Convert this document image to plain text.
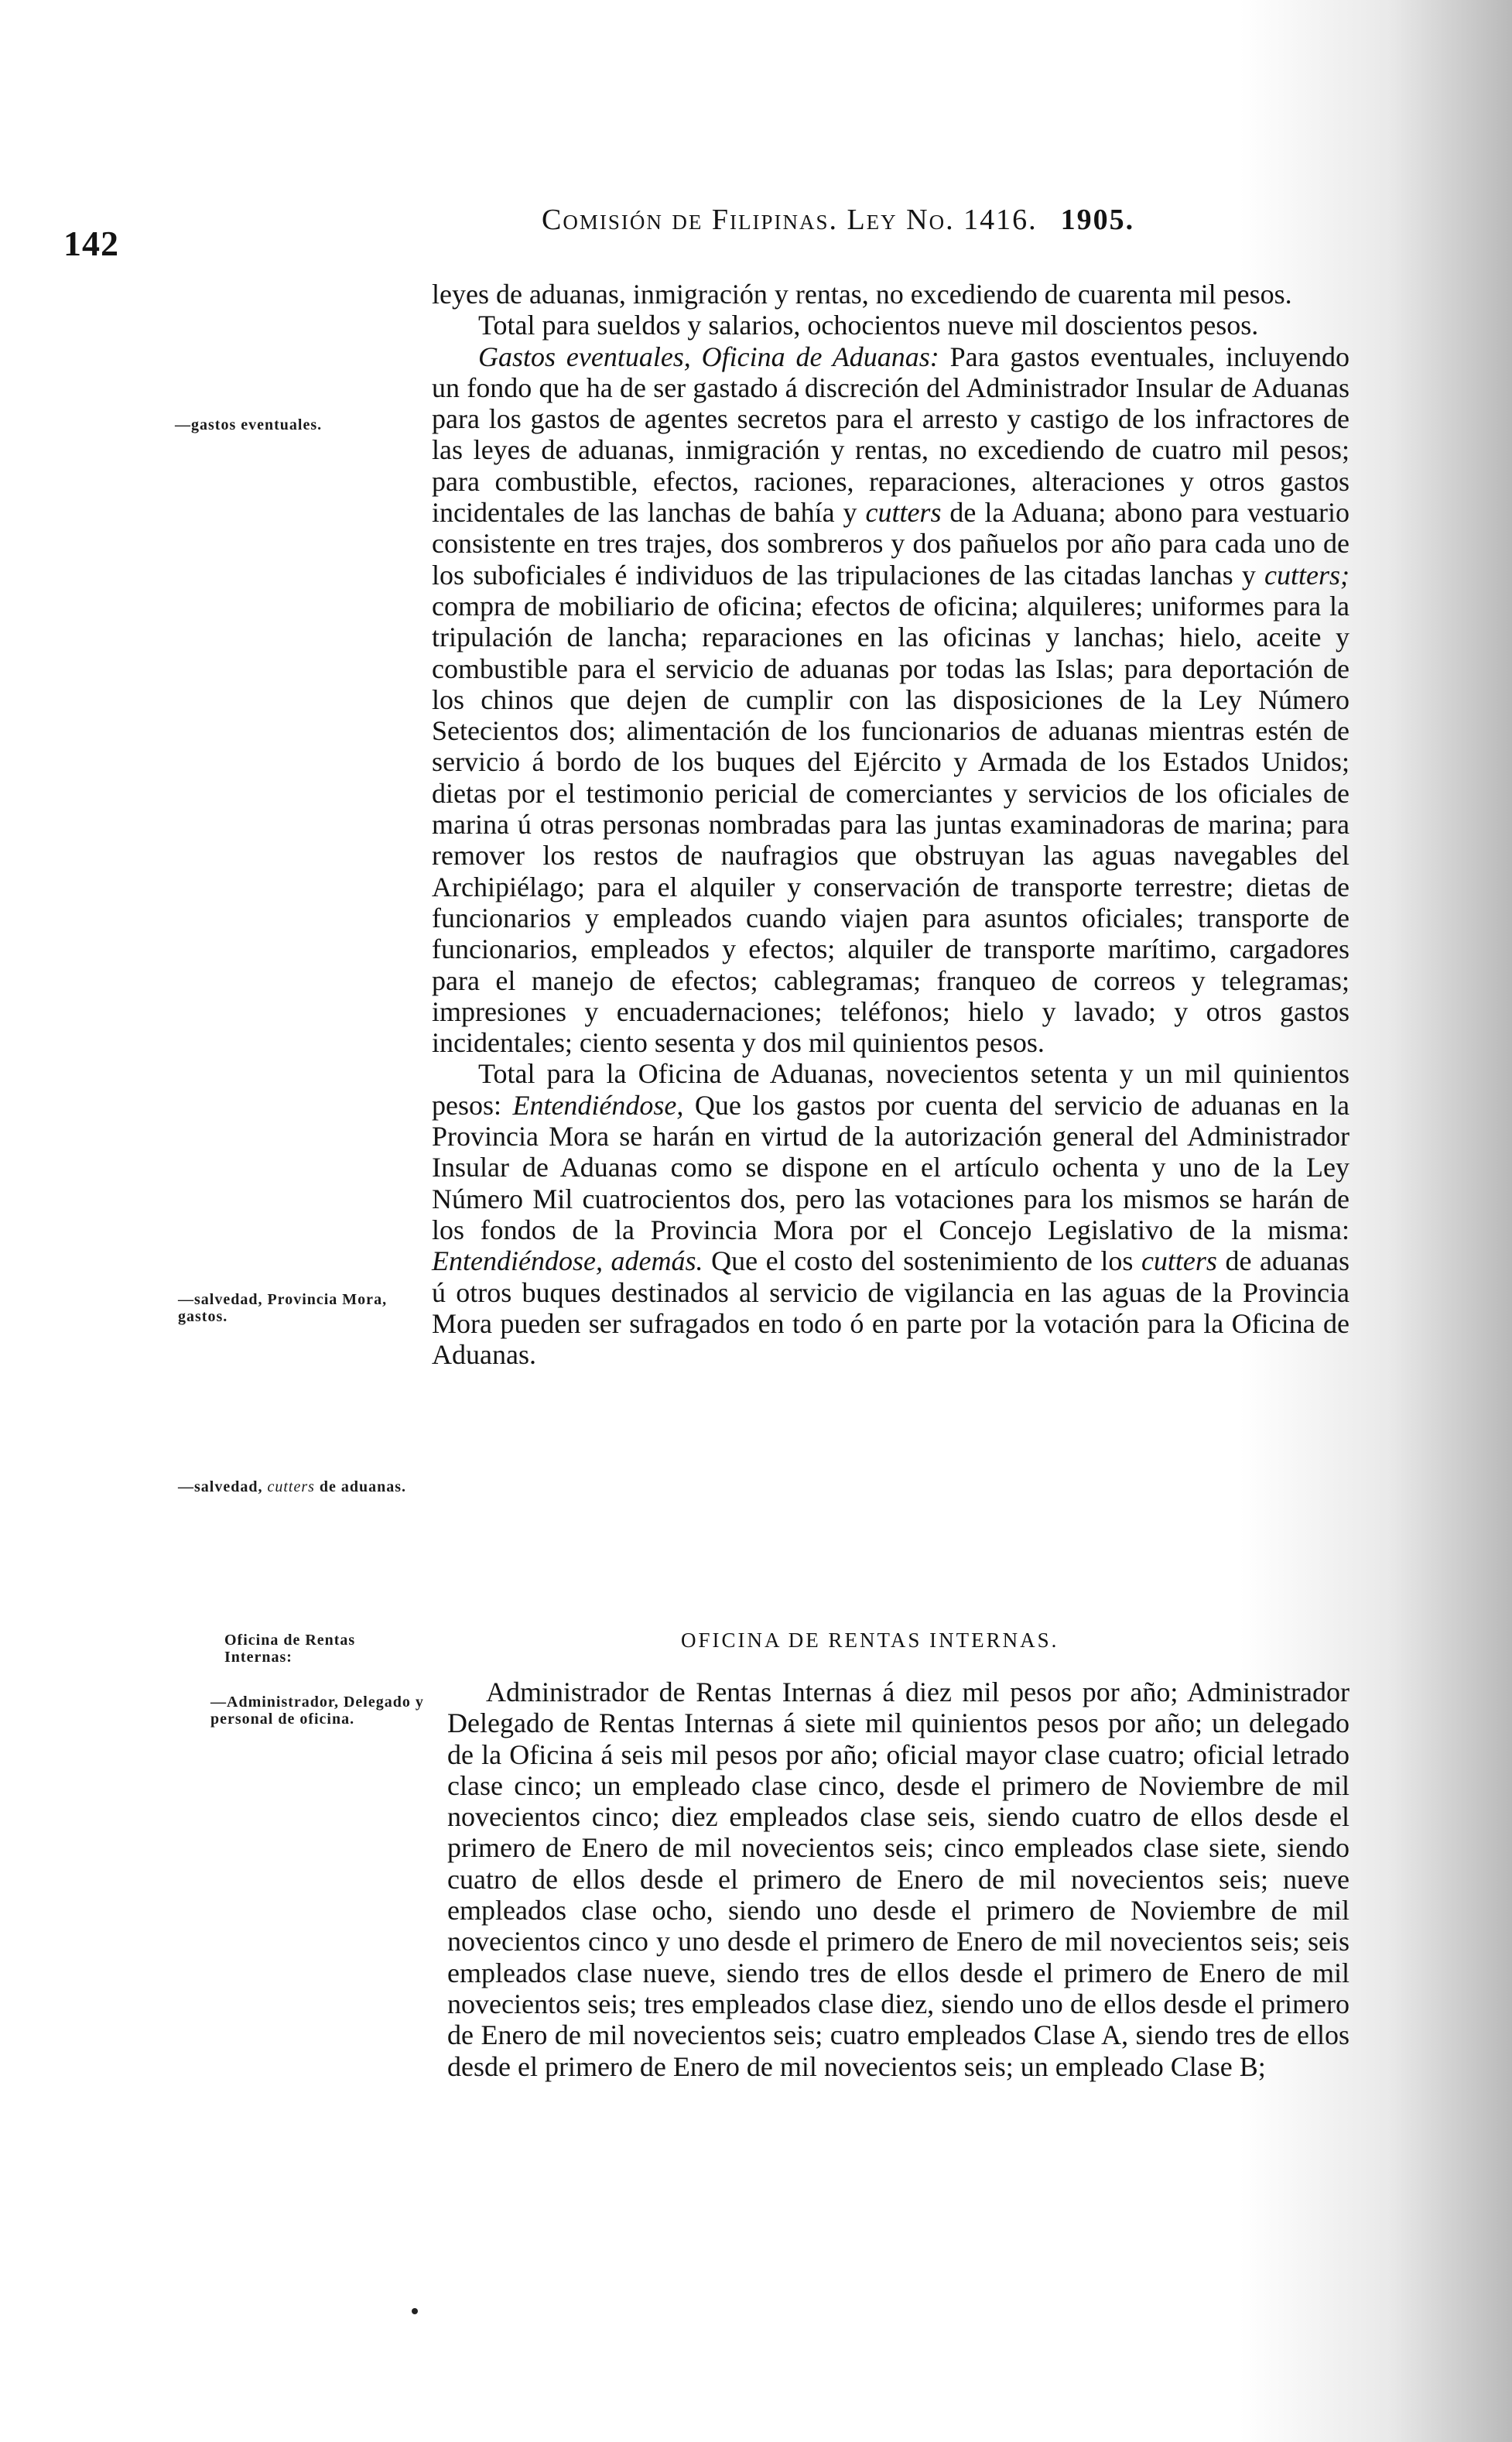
142
Comisión de Filipinas. Ley No. 1416. 1905.
—gastos eventuales.
—salvedad, Provincia Mora, gastos.
—salvedad, cutters de aduanas.
Oficina de Rentas Internas:
—Administrador, Delegado y personal de oficina.

leyes de aduanas, inmigración y rentas, no excediendo de cuarenta mil pesos.

Total para sueldos y salarios, ochocientos nueve mil doscientos pesos.

Gastos eventuales, Oficina de Aduanas: Para gastos eventuales, incluyendo un fondo que ha de ser gastado á discreción del Administrador Insular de Aduanas para los gastos de agentes secretos para el arresto y castigo de los infractores de las leyes de aduanas, inmigración y rentas, no excediendo de cuatro mil pesos; para combustible, efectos, raciones, reparaciones, alteraciones y otros gastos incidentales de las lanchas de bahía y cutters de la Aduana; abono para vestuario consistente en tres trajes, dos sombreros y dos pañuelos por año para cada uno de los suboficiales é individuos de las tripulaciones de las citadas lanchas y cutters; compra de mobiliario de oficina; efectos de oficina; alquileres; uniformes para la tripulación de lancha; reparaciones en las oficinas y lanchas; hielo, aceite y combustible para el servicio de aduanas por todas las Islas; para deportación de los chinos que dejen de cumplir con las disposiciones de la Ley Número Setecientos dos; alimentación de los funcionarios de aduanas mientras estén de servicio á bordo de los buques del Ejército y Armada de los Estados Unidos; dietas por el testimonio pericial de comerciantes y servicios de los oficiales de marina ú otras personas nombradas para las juntas examinadoras de marina; para remover los restos de naufragios que obstruyan las aguas navegables del Archipiélago; para el alquiler y conservación de transporte terrestre; dietas de funcionarios y empleados cuando viajen para asuntos oficiales; transporte de funcionarios, empleados y efectos; alquiler de transporte marítimo, cargadores para el manejo de efectos; cablegramas; franqueo de correos y telegramas; impresiones y encuadernaciones; teléfonos; hielo y lavado; y otros gastos incidentales; ciento sesenta y dos mil quinientos pesos.

Total para la Oficina de Aduanas, novecientos setenta y un mil quinientos pesos: Entendiéndose, Que los gastos por cuenta del servicio de aduanas en la Provincia Mora se harán en virtud de la autorización general del Administrador Insular de Aduanas como se dispone en el artículo ochenta y uno de la Ley Número Mil cuatrocientos dos, pero las votaciones para los mismos se harán de los fondos de la Provincia Mora por el Concejo Legislativo de la misma: Entendiéndose, además. Que el costo del sostenimiento de los cutters de aduanas ú otros buques destinados al servicio de vigilancia en las aguas de la Provincia Mora pueden ser sufragados en todo ó en parte por la votación para la Oficina de Aduanas.

OFICINA DE RENTAS INTERNAS.

Administrador de Rentas Internas á diez mil pesos por año; Administrador Delegado de Rentas Internas á siete mil quinientos pesos por año; un delegado de la Oficina á seis mil pesos por año; oficial mayor clase cuatro; oficial letrado clase cinco; un empleado clase cinco, desde el primero de Noviembre de mil novecientos cinco; diez empleados clase seis, siendo cuatro de ellos desde el primero de Enero de mil novecientos seis; cinco empleados clase siete, siendo cuatro de ellos desde el primero de Enero de mil novecientos seis; nueve empleados clase ocho, siendo uno desde el primero de Noviembre de mil novecientos cinco y uno desde el primero de Enero de mil novecientos seis; seis empleados clase nueve, siendo tres de ellos desde el primero de Enero de mil novecientos seis; tres empleados clase diez, siendo uno de ellos desde el primero de Enero de mil novecientos seis; cuatro empleados Clase A, siendo tres de ellos desde el primero de Enero de mil novecientos seis; un empleado Clase B;
